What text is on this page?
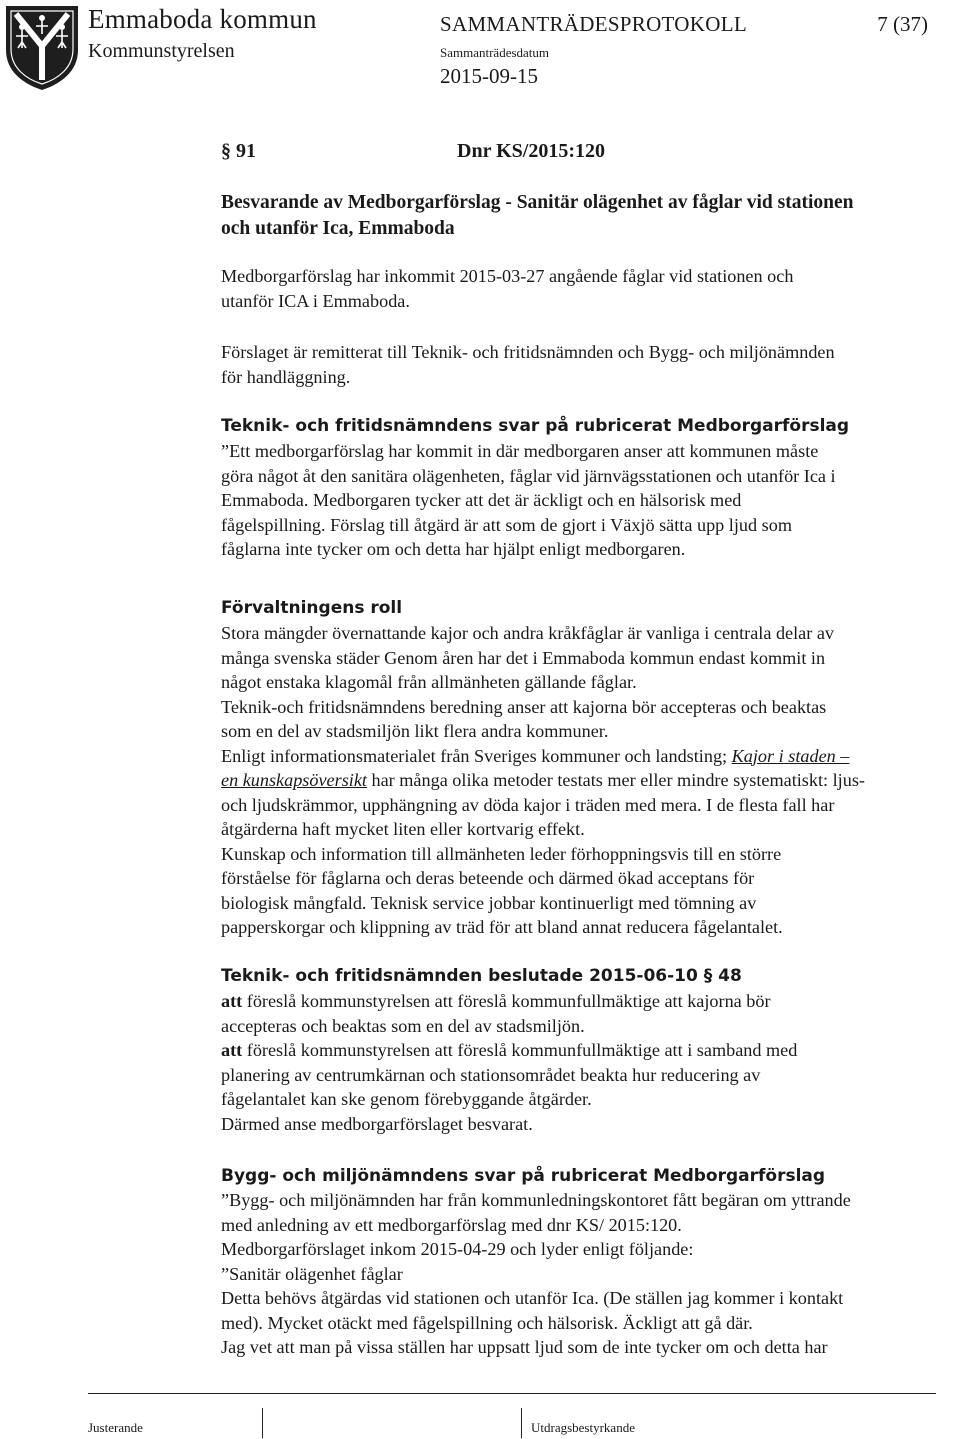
Emmaboda kommun
Kommunstyrelsen
SAMMANTRÄDESPROTOKOLL	7 (37)
Sammanträdesdatum
2015-09-15
§ 91	Dnr KS/2015:120
Besvarande av Medborgarförslag - Sanitär olägenhet av fåglar vid stationen
och utanför Ica, Emmaboda
Medborgarförslag har inkommit 2015-03-27 angående fåglar vid stationen och
utanför ICA i Emmaboda.
Förslaget är remitterat till Teknik- och fritidsnämnden och Bygg- och miljönämnden
för handläggning.
Teknik- och fritidsnämndens svar på rubricerat Medborgarförslag
”Ett medborgarförslag har kommit in där medborgaren anser att kommunen måste
göra något åt den sanitära olägenheten, fåglar vid järnvägsstationen och utanför Ica i
Emmaboda. Medborgaren tycker att det är äckligt och en hälsorisk med
fågelspillning. Förslag till åtgärd är att som de gjort i Växjö sätta upp ljud som
fåglarna inte tycker om och detta har hjälpt enligt medborgaren.
Förvaltningens roll
Stora mängder övernattande kajor och andra kråkfåglar är vanliga i centrala delar av
många svenska städer Genom åren har det i Emmaboda kommun endast kommit in
något enstaka klagomål från allmänheten gällande fåglar.
Teknik-och fritidsnämndens beredning anser att kajorna bör accepteras och beaktas
som en del av stadsmiljön likt flera andra kommuner.
Enligt informationsmaterialet från Sveriges kommuner och landsting; Kajor i staden –
en kunskapsöversikt har många olika metoder testats mer eller mindre systematiskt: ljus-
och ljudskrämmor, upphängning av döda kajor i träden med mera. I de flesta fall har
åtgärderna haft mycket liten eller kortvarig effekt.
Kunskap och information till allmänheten leder förhoppningsvis till en större
förståelse för fåglarna och deras beteende och därmed ökad acceptans för
biologisk mångfald. Teknisk service jobbar kontinuerligt med tömning av
papperskorgar och klippning av träd för att bland annat reducera fågelantalet.
Teknik- och fritidsnämnden beslutade 2015-06-10 § 48
att föreslå kommunstyrelsen att föreslå kommunfullmäktige att kajorna bör
accepteras och beaktas som en del av stadsmiljön.
att föreslå kommunstyrelsen att föreslå kommunfullmäktige att i samband med
planering av centrumkärnan och stationsområdet beakta hur reducering av
fågelantalet kan ske genom förebyggande åtgärder.
Därmed anse medborgarförslaget besvarat.
Bygg- och miljönämndens svar på rubricerat Medborgarförslag
”Bygg- och miljönämnden har från kommunledningskontoret fått begäran om yttrande
med anledning av ett medborgarförslag med dnr KS/ 2015:120.
Medborgarförslaget inkom 2015-04-29 och lyder enligt följande:
”Sanitär olägenhet fåglar
Detta behövs åtgärdas vid stationen och utanför Ica. (De ställen jag kommer i kontakt
med). Mycket otäckt med fågelspillning och hälsorisk. Äckligt att gå där.
Jag vet att man på vissa ställen har uppsatt ljud som de inte tycker om och detta har
Justerande	Utdragsbestyrkande
